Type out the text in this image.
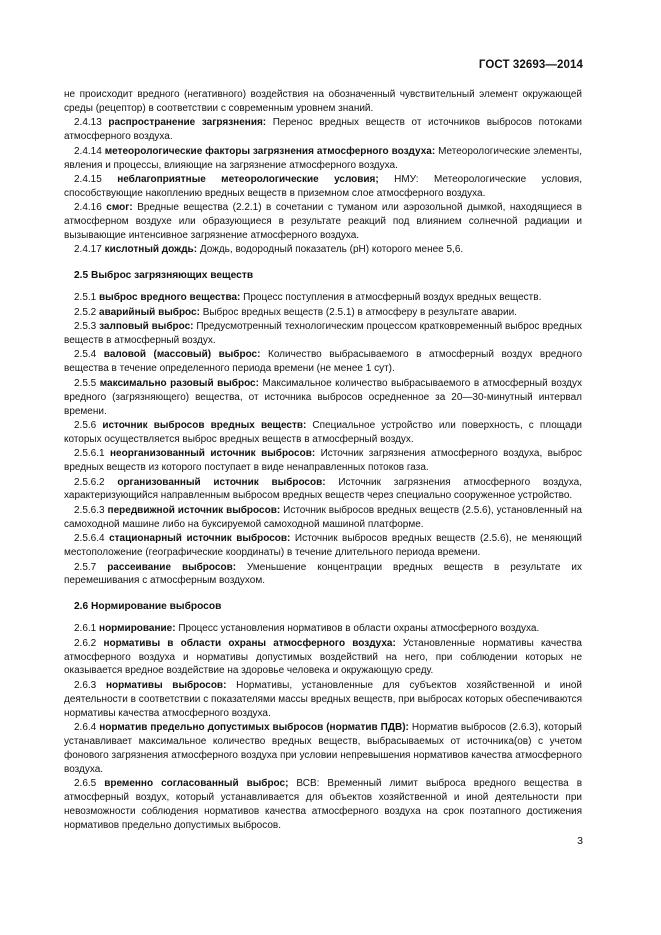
ГОСТ 32693—2014

не происходит вредного (негативного) воздействия на обозначенный чувствительный элемент окружающей среды (рецептор) в соответствии с современным уровнем знаний.

2.4.13 распространение загрязнения: Перенос вредных веществ от источников выбросов потоками атмосферного воздуха.

2.4.14 метеорологические факторы загрязнения атмосферного воздуха: Метеорологические элементы, явления и процессы, влияющие на загрязнение атмосферного воздуха.

2.4.15 неблагоприятные метеорологические условия; НМУ: Метеорологические условия, способствующие накоплению вредных веществ в приземном слое атмосферного воздуха.

2.4.16 смог: Вредные вещества (2.2.1) в сочетании с туманом или аэрозольной дымкой, находящиеся в атмосферном воздухе или образующиеся в результате реакций под влиянием солнечной радиации и вызывающие интенсивное загрязнение атмосферного воздуха.

2.4.17 кислотный дождь: Дождь, водородный показатель (pH) которого менее 5,6.

2.5 Выброс загрязняющих веществ

2.5.1 выброс вредного вещества: Процесс поступления в атмосферный воздух вредных веществ.

2.5.2 аварийный выброс: Выброс вредных веществ (2.5.1) в атмосферу в результате аварии.

2.5.3 залповый выброс: Предусмотренный технологическим процессом кратковременный выброс вредных веществ в атмосферный воздух.

2.5.4 валовой (массовый) выброс: Количество выбрасываемого в атмосферный воздух вредного вещества в течение определенного периода времени (не менее 1 сут).

2.5.5 максимально разовый выброс: Максимальное количество выбрасываемого в атмосферный воздух вредного (загрязняющего) вещества, от источника выбросов осредненное за 20—30-минутный интервал времени.

2.5.6 источник выбросов вредных веществ: Специальное устройство или поверхность, с площади которых осуществляется выброс вредных веществ в атмосферный воздух.

2.5.6.1 неорганизованный источник выбросов: Источник загрязнения атмосферного воздуха, выброс вредных веществ из которого поступает в виде ненаправленных потоков газа.

2.5.6.2 организованный источник выбросов: Источник загрязнения атмосферного воздуха, характеризующийся направленным выбросом вредных веществ через специально сооруженное устройство.

2.5.6.3 передвижной источник выбросов: Источник выбросов вредных веществ (2.5.6), установленный на самоходной машине либо на буксируемой самоходной машиной платформе.

2.5.6.4 стационарный источник выбросов: Источник выбросов вредных веществ (2.5.6), не меняющий местоположение (географические координаты) в течение длительного периода времени.

2.5.7 рассеивание выбросов: Уменьшение концентрации вредных веществ в результате их перемешивания с атмосферным воздухом.

2.6 Нормирование выбросов

2.6.1 нормирование: Процесс установления нормативов в области охраны атмосферного воздуха.

2.6.2 нормативы в области охраны атмосферного воздуха: Установленные нормативы качества атмосферного воздуха и нормативы допустимых воздействий на него, при соблюдении которых не оказывается вредное воздействие на здоровье человека и окружающую среду.

2.6.3 нормативы выбросов: Нормативы, установленные для субъектов хозяйственной и иной деятельности в соответствии с показателями массы вредных веществ, при выбросах которых обеспечиваются нормативы качества атмосферного воздуха.

2.6.4 норматив предельно допустимых выбросов (норматив ПДВ): Норматив выбросов (2.6.3), который устанавливает максимальное количество вредных веществ, выбрасываемых от источника(ов) с учетом фонового загрязнения атмосферного воздуха при условии непревышения нормативов качества атмосферного воздуха.

2.6.5 временно согласованный выброс; ВСВ: Временный лимит выброса вредного вещества в атмосферный воздух, который устанавливается для объектов хозяйственной и иной деятельности при невозможности соблюдения нормативов качества атмосферного воздуха на срок поэтапного достижения нормативов предельно допустимых выбросов.

3
